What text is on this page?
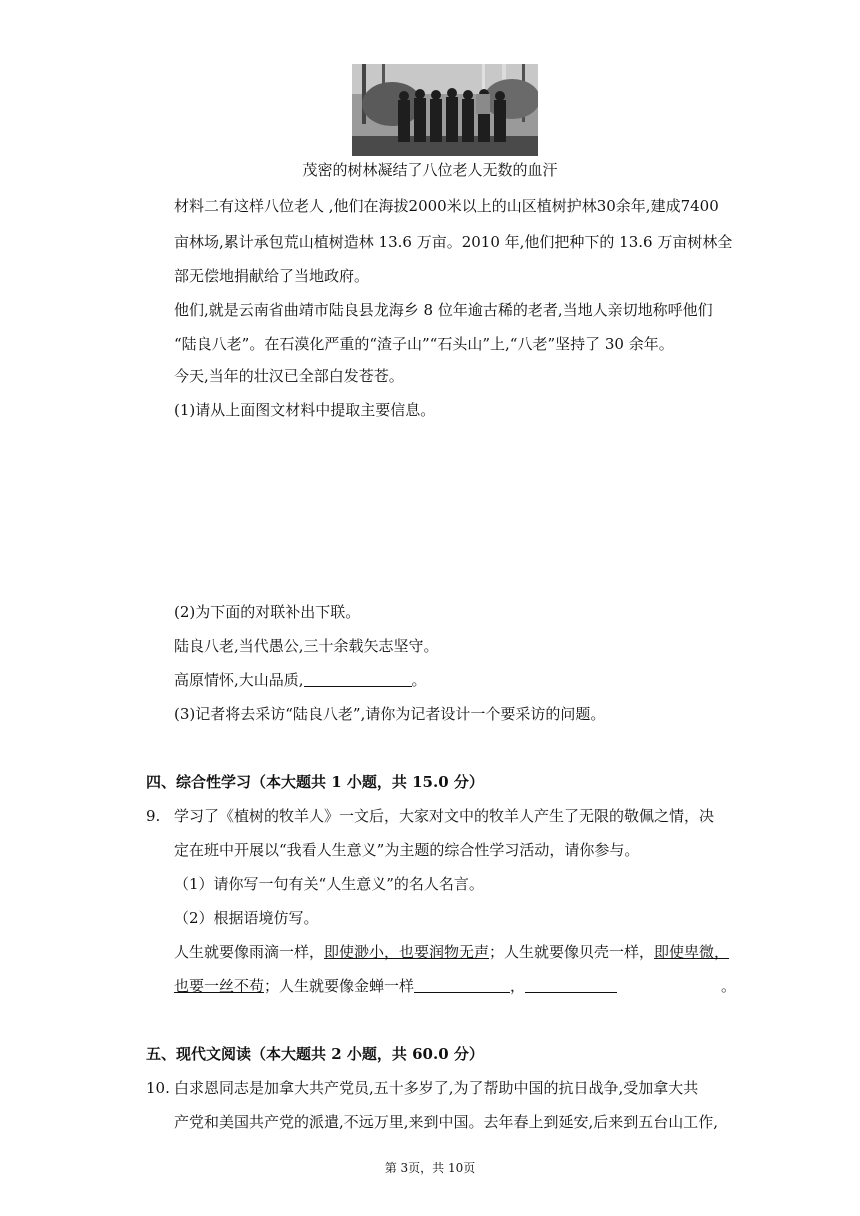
茂密的树林凝结了八位老人无数的血汗
材料二有这样八位老人 ,他们在海拔2000米以上的山区植树护林30余年,建成7400
亩林场,累计承包荒山植树造林 13.6 万亩。2010 年,他们把种下的 13.6 万亩树林全
部无偿地捐献给了当地政府。
他们,就是云南省曲靖市陆良县龙海乡 8 位年逾古稀的老者,当地人亲切地称呼他们
“陆良八老”。在石漠化严重的“渣子山”“石头山”上,“八老”坚持了 30 余年。
今天,当年的壮汉已全部白发苍苍。
(1)请从上面图文材料中提取主要信息。
(2)为下面的对联补出下联。
陆良八老,当代愚公,三十余载矢志坚守。
高原情怀,大山品质,	。
(3)记者将去采访“陆良八老”,请你为记者设计一个要采访的问题。
四、综合性学习（本大题共 1 小题，共 15.0 分）
9. 学习了《植树的牧羊人》一文后，大家对文中的牧羊人产生了无限的敬佩之情，决
定在班中开展以“我看人生意义”为主题的综合性学习活动，请你参与。
（1）请你写一句有关“人生意义”的名人名言。
（2）根据语境仿写。
人生就要像雨滴一样，即使渺小，也要润物无声；人生就要像贝壳一样，即使卑微，
也要一丝不苟；人生就要像金蝉一样	，	。
五、现代文阅读（本大题共 2 小题，共 60.0 分）
10. 白求恩同志是加拿大共产党员,五十多岁了,为了帮助中国的抗日战争,受加拿大共
产党和美国共产党的派遣,不远万里,来到中国。去年春上到延安,后来到五台山工作,
第 3页，共 10页
